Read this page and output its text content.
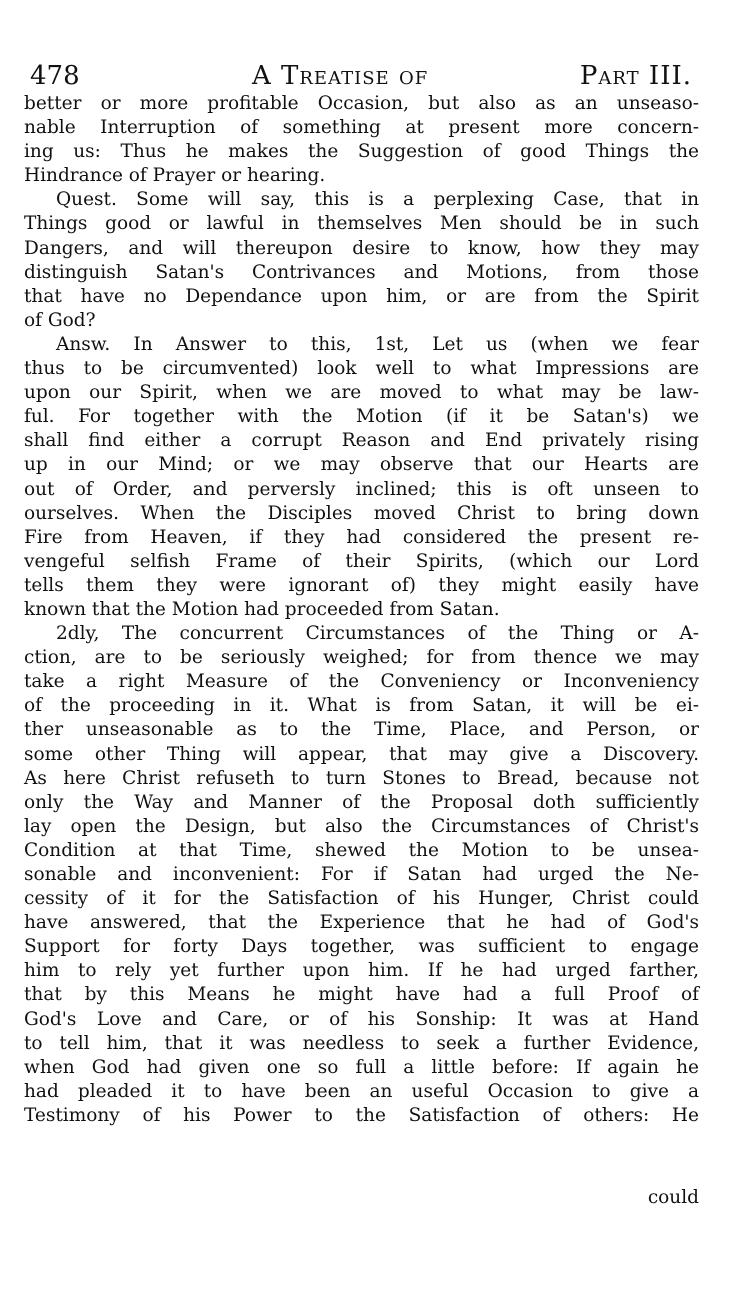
478	A Treatise of	Part III.
better or more profitable Occasion, but also as an unseaso-
nable Interruption of something at present more concern-
ing us: Thus he makes the Suggestion of good Things the
Hindrance of Prayer or hearing.
Quest. Some will say, this is a perplexing Case, that in
Things good or lawful in themselves Men should be in such
Dangers, and will thereupon desire to know, how they may
distinguish Satan's Contrivances and Motions, from those
that have no Dependance upon him, or are from the Spirit
of God?
Answ. In Answer to this, 1st, Let us (when we fear
thus to be circumvented) look well to what Impressions are
upon our Spirit, when we are moved to what may be law-
ful. For together with the Motion (if it be Satan's) we
shall find either a corrupt Reason and End privately rising
up in our Mind; or we may observe that our Hearts are
out of Order, and perversly inclined; this is oft unseen to
ourselves. When the Disciples moved Christ to bring down
Fire from Heaven, if they had considered the present re-
vengeful selfish Frame of their Spirits, (which our Lord
tells them they were ignorant of) they might easily have
known that the Motion had proceeded from Satan.
2dly, The concurrent Circumstances of the Thing or A-
ction, are to be seriously weighed; for from thence we may
take a right Measure of the Conveniency or Inconveniency
of the proceeding in it. What is from Satan, it will be ei-
ther unseasonable as to the Time, Place, and Person, or
some other Thing will appear, that may give a Discovery.
As here Christ refuseth to turn Stones to Bread, because not
only the Way and Manner of the Proposal doth sufficiently
lay open the Design, but also the Circumstances of Christ's
Condition at that Time, shewed the Motion to be unsea-
sonable and inconvenient: For if Satan had urged the Ne-
cessity of it for the Satisfaction of his Hunger, Christ could
have answered, that the Experience that he had of God's
Support for forty Days together, was sufficient to engage
him to rely yet further upon him. If he had urged farther,
that by this Means he might have had a full Proof of
God's Love and Care, or of his Sonship: It was at Hand
to tell him, that it was needless to seek a further Evidence,
when God had given one so full a little before: If again he
had pleaded it to have been an useful Occasion to give a
Testimony of his Power to the Satisfaction of others: He
could
